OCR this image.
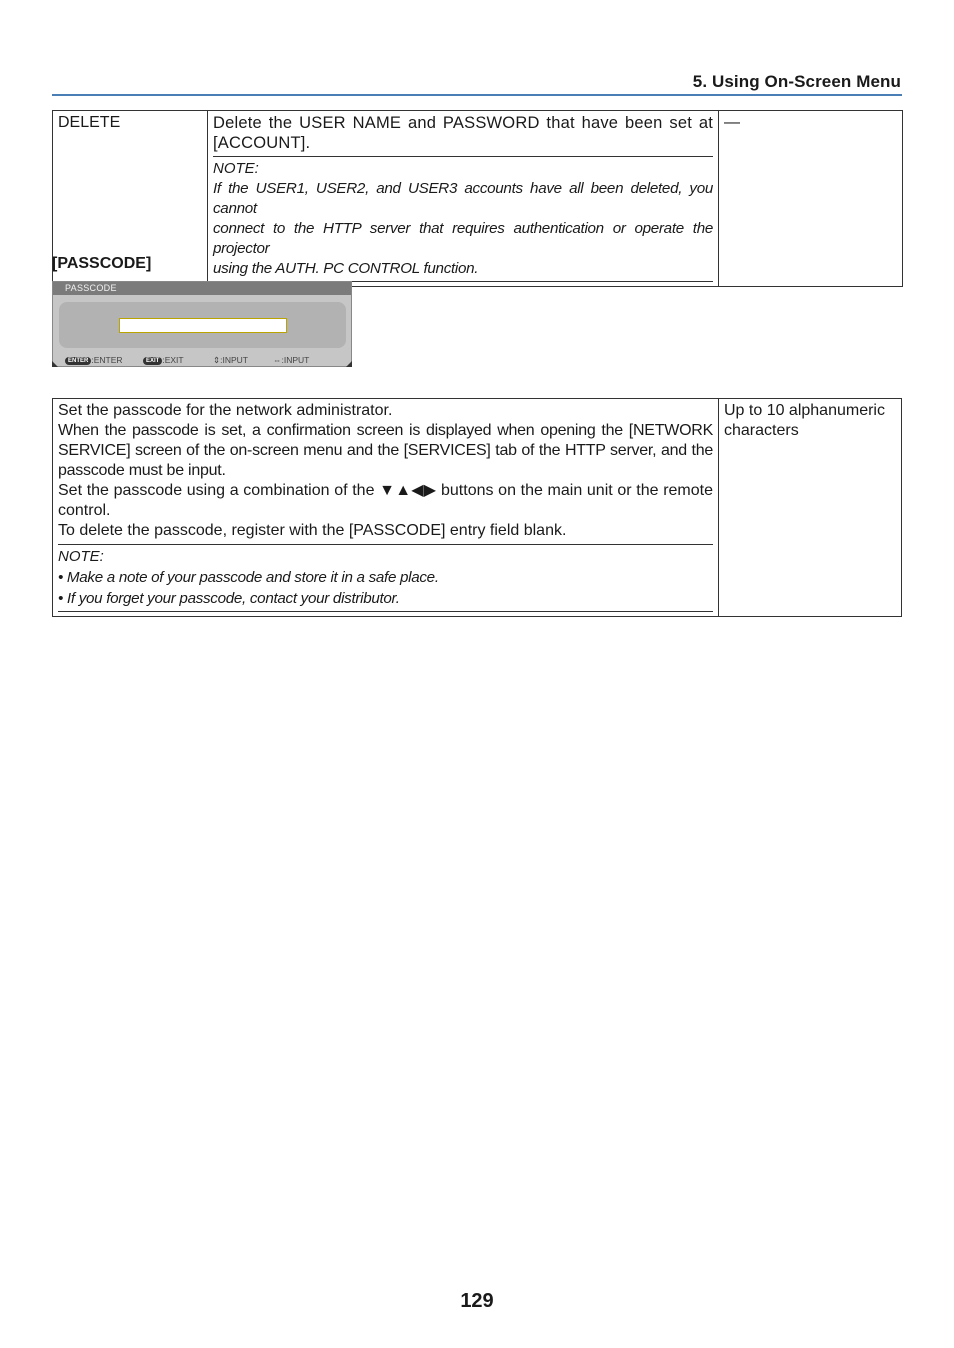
5. Using On-Screen Menu
DELETE	Delete the USER NAME and PASSWORD that have been set at [ACCOUNT].
NOTE:
If the USER1, USER2, and USER3 accounts have all been deleted, you cannot
connect to the HTTP server that requires authentication or operate the projector
using the AUTH. PC CONTROL function.
	—
[PASSCODE]
PASSCODE
ENTER :ENTER	EXIT :EXIT	⇕:INPUT	⇔:INPUT
Set the passcode for the network administrator.
When the passcode is set, a confirmation screen is displayed when opening the [NETWORK SERVICE] screen of the on-screen menu and the [SERVICES] tab of the HTTP server, and the passcode must be input.
Set the passcode using a combination of the ▼▲◀▶ buttons on the main unit or the remote control.
To delete the passcode, register with the [PASSCODE] entry field blank.
NOTE:
• Make a note of your passcode and store it in a safe place.
• If you forget your passcode, contact your distributor.
	Up to 10 alphanumeric characters
129
